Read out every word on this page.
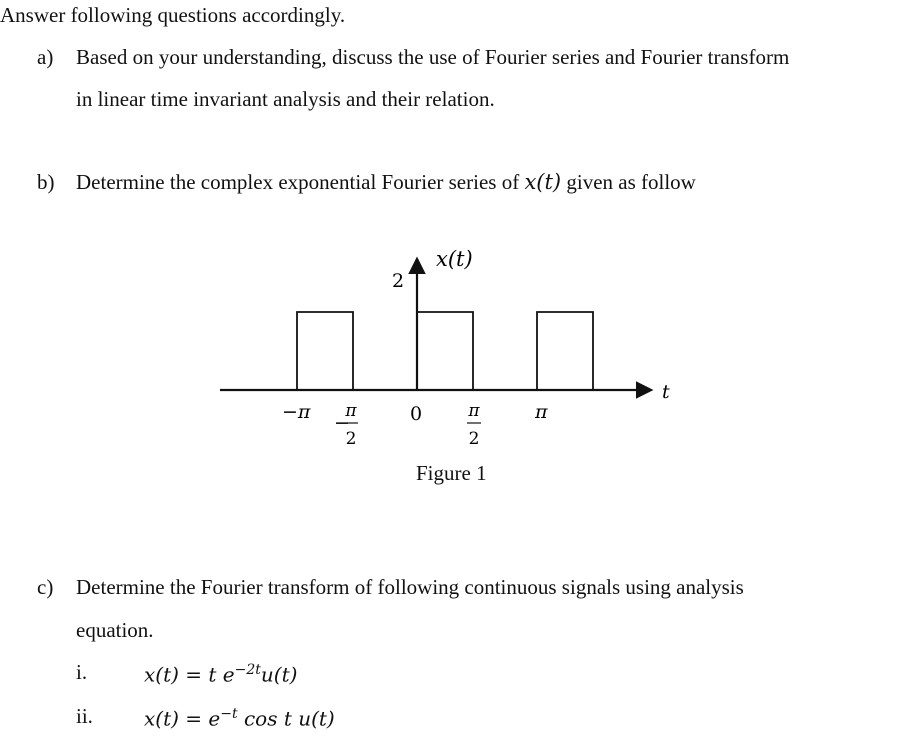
Answer following questions accordingly.
a) Based on your understanding, discuss the use of Fourier series and Fourier transform
in linear time invariant analysis and their relation.
b) Determine the complex exponential Fourier series of x(t) given as follow
x(t)
2
t
−π −
π
2
0	π
2
π
Figure 1
c) Determine the Fourier transform of following continuous signals using analysis
equation.
i.	x(t) = t $e^{-2t}u(t)$
ii.	$x(t) = e^{-t}$ cos t u(t)
